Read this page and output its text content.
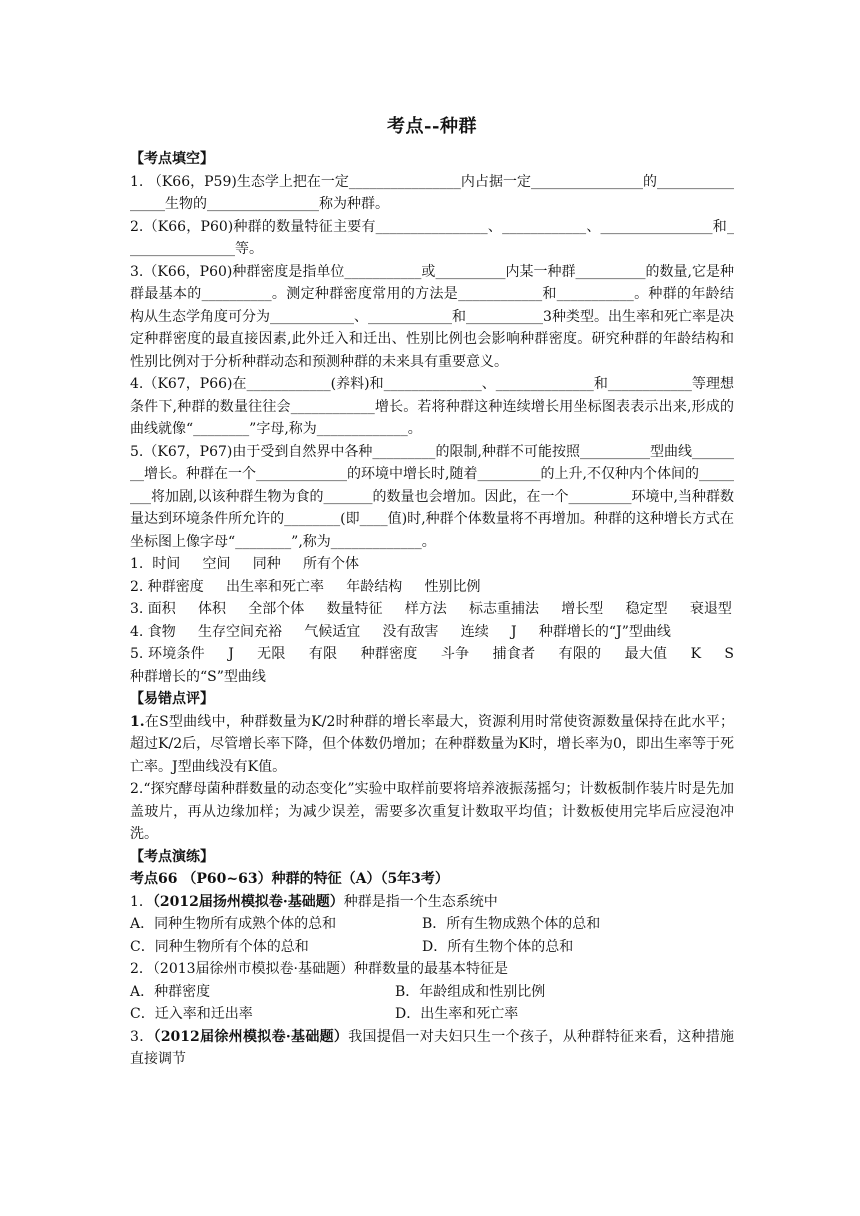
考点--种群
【考点填空】
1. （K66，P59)生态学上把在一定________________内占据一定________________的________________生物的________________称为种群。
2.（K66，P60)种群的数量特征主要有________________、____________、________________和________________等。
3.（K66，P60)种群密度是指单位___________或__________内某一种群__________的数量,它是种群最基本的__________。测定种群密度常用的方法是____________和___________。种群的年龄结构从生态学角度可分为____________、____________和___________3种类型。出生率和死亡率是决定种群密度的最直接因素,此外迁入和迁出、性别比例也会影响种群密度。研究种群的年龄结构和性别比例对于分析种群动态和预测种群的未来具有重要意义。
4.（K67，P66)在____________(养料)和______________、______________和____________等理想条件下,种群的数量往往会____________增长。若将种群这种连续增长用坐标图表表示出来,形成的曲线就像“________”字母,称为_____________。
5.（K67，P67)由于受到自然界中各种_________的限制,种群不可能按照__________型曲线________增长。种群在一个_____________的环境中增长时,随着_________的上升,不仅种内个体间的________将加剧,以该种群生物为食的_______的数量也会增加。因此，在一个_________环境中,当种群数量达到环境条件所允许的________(即____值)时,种群个体数量将不再增加。种群的这种增长方式在坐标图上像字母“________”,称为_____________。
1.  时间     空间     同种     所有个体
2. 种群密度     出生率和死亡率     年龄结构     性别比例
3. 面积     体积     全部个体     数量特征     样方法     标志重捕法     增长型     稳定型     衰退型
4. 食物     生存空间充裕     气候适宜     没有敌害     连续     J     种群增长的“J”型曲线
5. 环境条件     J     无限     有限     种群密度     斗争     捕食者     有限的     最大值     K     S     种群增长的“S”型曲线
【易错点评】
1.在S型曲线中，种群数量为K/2时种群的增长率最大，资源利用时常使资源数量保持在此水平；超过K/2后，尽管增长率下降，但个体数仍增加；在种群数量为K时，增长率为0，即出生率等于死亡率。J型曲线没有K值。
2.“探究酵母菌种群数量的动态变化”实验中取样前要将培养液振荡摇匀；计数板制作装片时是先加盖玻片，再从边缘加样；为减少误差，需要多次重复计数取平均值；计数板使用完毕后应浸泡冲洗。
【考点演练】
考点66 （P60~63）种群的特征（A）（5年3考）
1．（2012届扬州模拟卷·基础题）种群是指一个生态系统中
A．同种生物所有成熟个体的总和	B．所有生物成熟个体的总和
C．同种生物所有个体的总和	D．所有生物个体的总和
2．（2013届徐州市模拟卷·基础题）种群数量的最基本特征是
A．种群密度	B．年龄组成和性别比例
C．迁入率和迁出率	D．出生率和死亡率
3．（2012届徐州模拟卷·基础题）我国提倡一对夫妇只生一个孩子，从种群特征来看，这种措施直接调节
